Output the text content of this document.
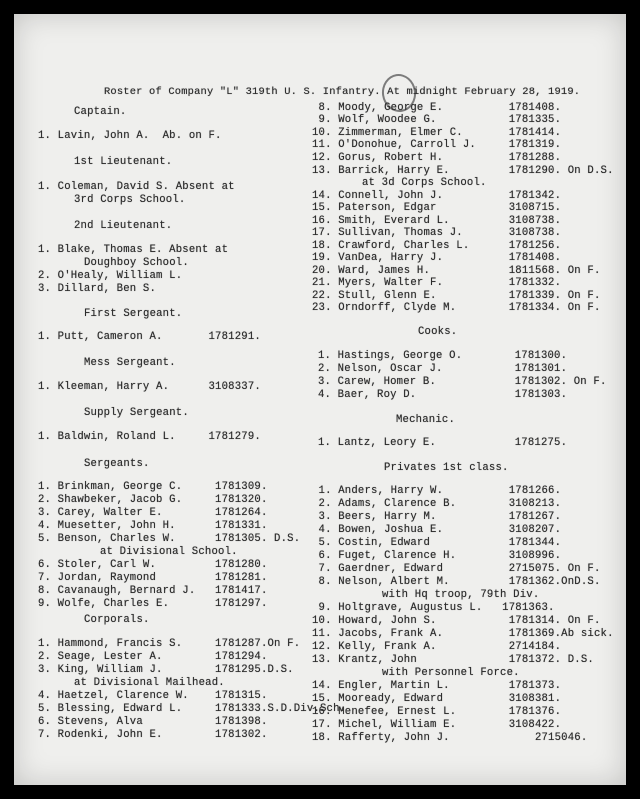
Roster of Company "L" 319th U. S. Infantry. At midnight February 28, 1919.
Captain.
1. Lavin, John A.  Ab. on F.
1st Lieutenant.
1. Coleman, David S. Absent at
3rd Corps School.
2nd Lieutenant.
1. Blake, Thomas E. Absent at
Doughboy School.
2. O'Healy, William L.
3. Dillard, Ben S.
First Sergeant.
1. Putt, Cameron A.       1781291.
Mess Sergeant.
1. Kleeman, Harry A.      3108337.
Supply Sergeant.
1. Baldwin, Roland L.     1781279.
Sergeants.
1. Brinkman, George C.     1781309.
2. Shawbeker, Jacob G.     1781320.
3. Carey, Walter E.        1781264.
4. Muesetter, John H.      1781331.
5. Benson, Charles W.      1781305. D.S.
at Divisional School.
6. Stoler, Carl W.         1781280.
7. Jordan, Raymond         1781281.
8. Cavanaugh, Bernard J.   1781417.
9. Wolfe, Charles E.       1781297.
Corporals.
1. Hammond, Francis S.     1781287.On F.
2. Seage, Lester A.        1781294.
3. King, William J.        1781295.D.S.
at Divisional Mailhead.
4. Haetzel, Clarence W.    1781315.
5. Blessing, Edward L.     1781333.S.D.Div.Sch.
6. Stevens, Alva           1781398.
7. Rodenki, John E.        1781302.
8. Moody, George E.          1781408.
9. Wolf, Woodee G.           1781335.
10. Zimmerman, Elmer C.       1781414.
11. O'Donohue, Carroll J.     1781319.
12. Gorus, Robert H.          1781288.
13. Barrick, Harry E.         1781290. On D.S.
at 3d Corps School.
14. Connell, John J.          1781342.
15. Paterson, Edgar           3108715.
16. Smith, Everard L.         3108738.
17. Sullivan, Thomas J.       3108738.
18. Crawford, Charles L.      1781256.
19. VanDea, Harry J.          1781408.
20. Ward, James H.            1811568. On F.
21. Myers, Walter F.          1781332.
22. Stull, Glenn E.           1781339. On F.
23. Orndorff, Clyde M.        1781334. On F.
Cooks.
1. Hastings, George O.        1781300.
2. Nelson, Oscar J.           1781301.
3. Carew, Homer B.            1781302. On F.
4. Baer, Roy D.               1781303.
Mechanic.
1. Lantz, Leory E.            1781275.
Privates 1st class.
1. Anders, Harry W.          1781266.
2. Adams, Clarence B.        3108213.
3. Beers, Harry M.           1781267.
4. Bowen, Joshua E.          3108207.
5. Costin, Edward            1781344.
6. Fuget, Clarence H.        3108996.
7. Gaerdner, Edward          2715075. On F.
8. Nelson, Albert M.         1781362.OnD.S.
with Hq troop, 79th Div.
9. Holtgrave, Augustus L.   1781363.
10. Howard, John S.           1781314. On F.
11. Jacobs, Frank A.          1781369.Ab sick.
12. Kelly, Frank A.           2714184.
13. Krantz, John              1781372. D.S.
with Personnel Force.
14. Engler, Martin L.         1781373.
15. Mooready, Edward          3108381.
16. Menefee, Ernest L.        1781376.
17. Michel, William E.        3108422.
18. Rafferty, John J.             2715046.
